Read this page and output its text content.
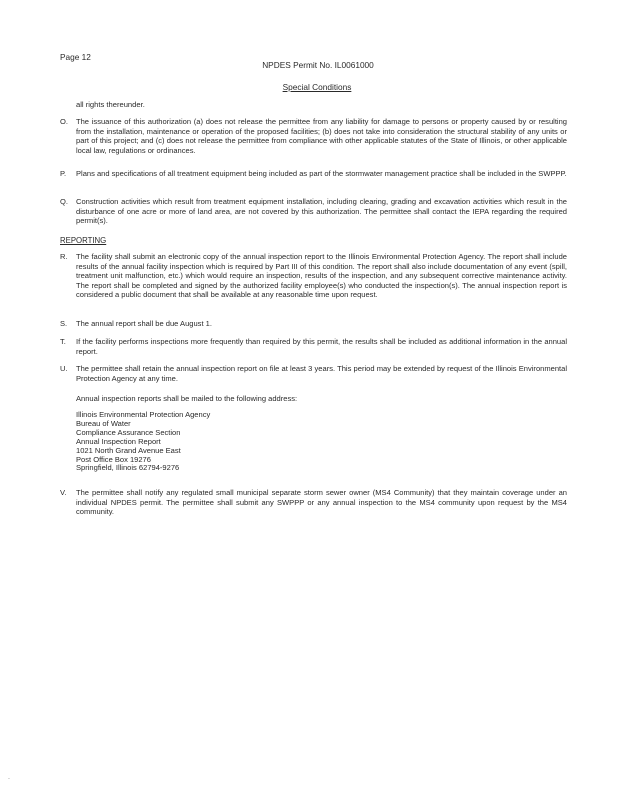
Page 12
NPDES Permit No. IL0061000
Special Conditions
all rights thereunder.
O.	The issuance of this authorization (a) does not release the permittee from any liability for damage to persons or property caused by or resulting from the installation, maintenance or operation of the proposed facilities; (b) does not take into consideration the structural stability of any units or part of this project; and (c) does not release the permittee from compliance with other applicable statutes of the State of Illinois, or other applicable local law, regulations or ordinances.
P.	Plans and specifications of all treatment equipment being included as part of the stormwater management practice shall be included in the SWPPP.
Q.	Construction activities which result from treatment equipment installation, including clearing, grading and excavation activities which result in the disturbance of one acre or more of land area, are not covered by this authorization. The permittee shall contact the IEPA regarding the required permit(s).
REPORTING
R.	The facility shall submit an electronic copy of the annual inspection report to the Illinois Environmental Protection Agency. The report shall include results of the annual facility inspection which is required by Part III of this condition. The report shall also include documentation of any event (spill, treatment unit malfunction, etc.) which would require an inspection, results of the inspection, and any subsequent corrective maintenance activity. The report shall be completed and signed by the authorized facility employee(s) who conducted the inspection(s). The annual inspection report is considered a public document that shall be available at any reasonable time upon request.
S.	The annual report shall be due August 1.
T.	If the facility performs inspections more frequently than required by this permit, the results shall be included as additional information in the annual report.
U.	The permittee shall retain the annual inspection report on file at least 3 years. This period may be extended by request of the Illinois Environmental Protection Agency at any time.
Annual inspection reports shall be mailed to the following address:
Illinois Environmental Protection Agency
Bureau of Water
Compliance Assurance Section
Annual Inspection Report
1021 North Grand Avenue East
Post Office Box 19276
Springfield, Illinois 62794-9276
V.	The permittee shall notify any regulated small municipal separate storm sewer owner (MS4 Community) that they maintain coverage under an individual NPDES permit. The permittee shall submit any SWPPP or any annual inspection to the MS4 community upon request by the MS4 community.
.
